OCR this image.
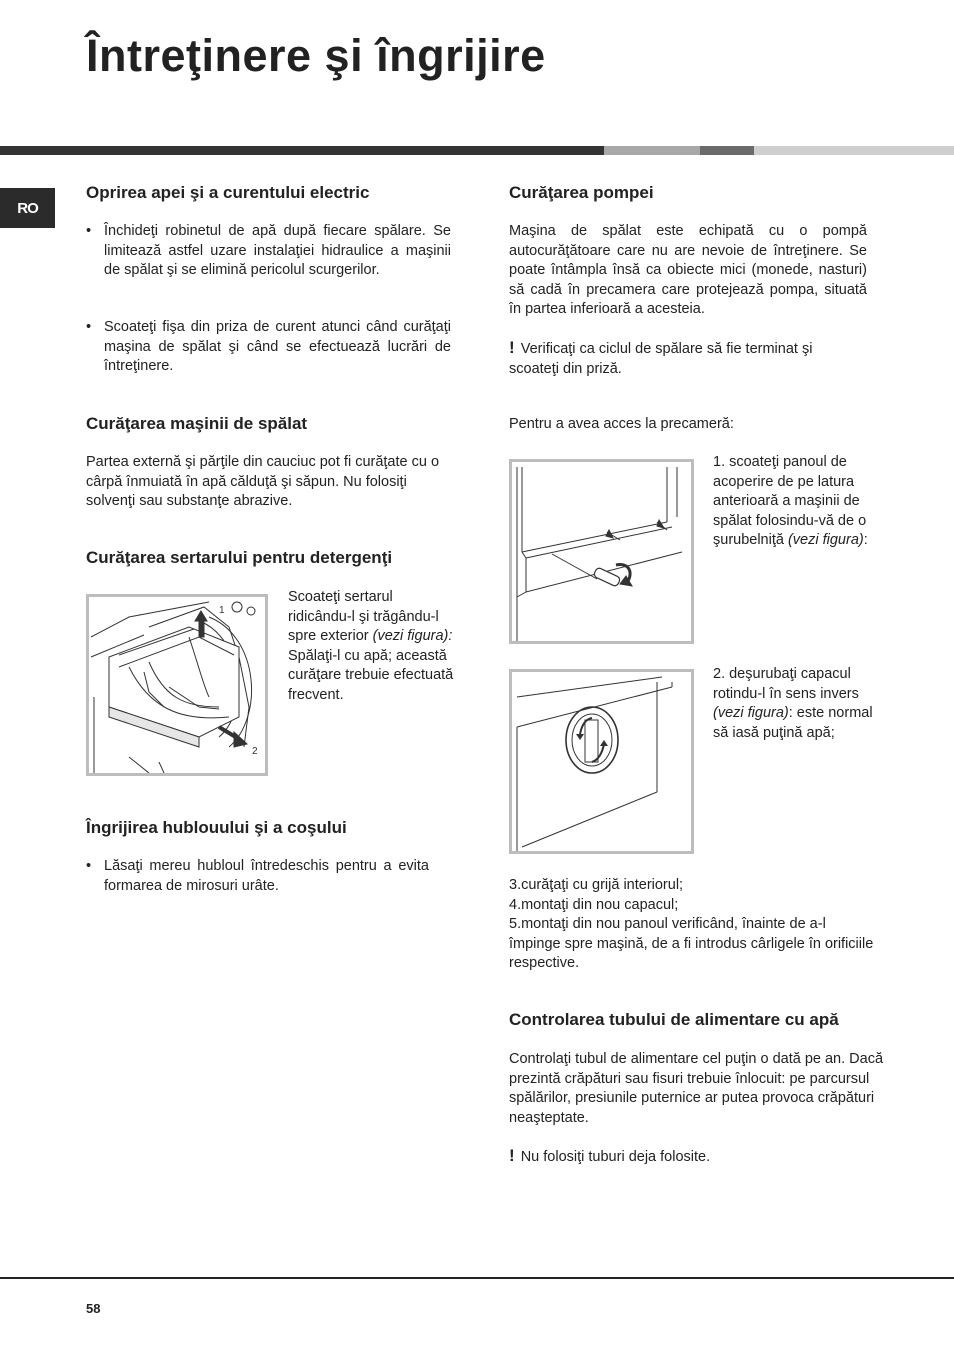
Întreţinere şi îngrijire
RO
Oprirea apei şi a curentului electric
• Închideţi robinetul de apă după fiecare spălare. Se limitează astfel uzare instalaţiei hidraulice a maşinii de spălat şi se elimină pericolul scurgerilor.
• Scoateţi fişa din priza de curent atunci când curăţaţi maşina de spălat şi când se efectuează lucrări de întreţinere.
Curăţarea maşinii de spălat

Partea externă şi părţile din cauciuc pot fi curăţate cu o cârpă înmuiată în apă călduţă şi săpun. Nu folosiţi solvenţi sau substanţe abrazive.

Curăţarea sertarului pentru detergenţi
1
2

Scoateţi sertarul ridicându-l şi trăgându-l spre exterior (vezi figura):
Spălaţi-l cu apă; această curăţare trebuie efectuată frecvent.

Îngrijirea hublouului şi a coşului
• Lăsaţi mereu hubloul întredeschis pentru a evita formarea de mirosuri urâte.
Curăţarea pompei

Maşina de spălat este echipată cu o pompă autocurăţătoare care nu are nevoie de întreţinere. Se poate întâmpla însă ca obiecte mici (monede, nasturi) să cadă în precamera care protejează pompa, situată în partea inferioară a acesteia.

! Verificaţi ca ciclul de spălare să fie terminat şi scoateţi din priză.

Pentru a avea acces la precameră:

1. scoateţi panoul de acoperire de pe latura anterioară a maşinii de spălat folosindu-vă de o şurubelniţă (vezi figura):

2. deşurubaţi capacul rotindu-l în sens invers (vezi figura): este normal să iasă puţină apă;

3.curăţaţi cu grijă interiorul;

4.montaţi din nou capacul;

5.montaţi din nou panoul verificând, înainte de a-l împinge spre maşină, de a fi introdus cârligele în orificiile respective.

Controlarea tubului de alimentare cu apă

Controlaţi tubul de alimentare cel puţin o dată pe an. Dacă prezintă crăpături sau fisuri trebuie înlocuit: pe parcursul spălărilor, presiunile puternice ar putea provoca crăpături neaşteptate.

! Nu folosiţi tuburi deja folosite.

58
